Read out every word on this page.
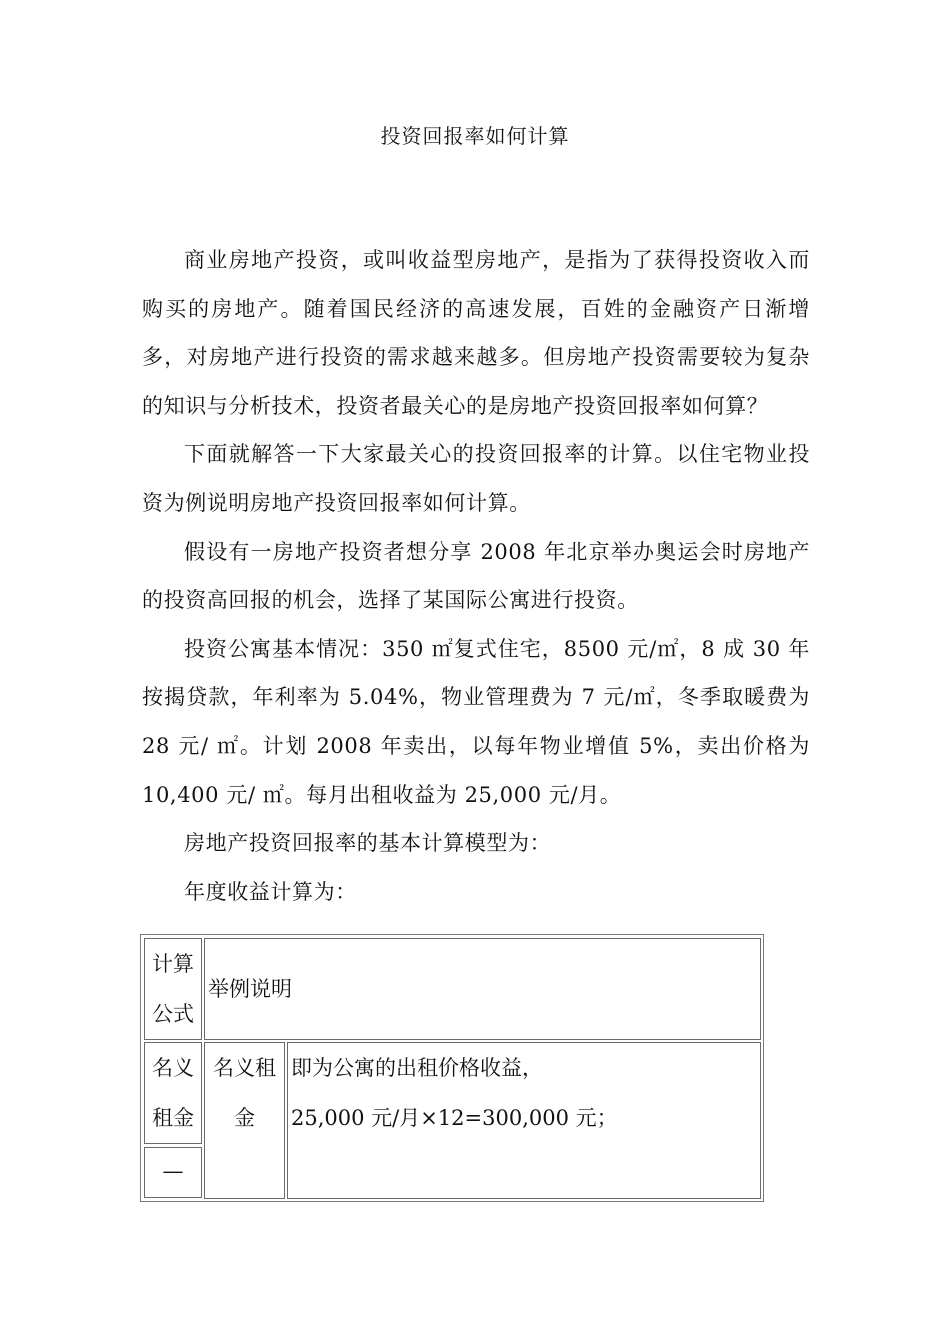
投资回报率如何计算

商业房地产投资，或叫收益型房地产，是指为了获得投资收入而购买的房地产。随着国民经济的高速发展，百姓的金融资产日渐增多，对房地产进行投资的需求越来越多。但房地产投资需要较为复杂的知识与分析技术，投资者最关心的是房地产投资回报率如何算？

下面就解答一下大家最关心的投资回报率的计算。以住宅物业投资为例说明房地产投资回报率如何计算。

假设有一房地产投资者想分享 2008 年北京举办奥运会时房地产的投资高回报的机会，选择了某国际公寓进行投资。

投资公寓基本情况：350 ㎡复式住宅，8500 元/㎡，8 成 30 年按揭贷款，年利率为 5.04%，物业管理费为 7 元/㎡，冬季取暖费为 28 元/ ㎡。计划 2008 年卖出，以每年物业增值 5%，卖出价格为 10,400 元/ ㎡。每月出租收益为 25,000 元/月。

房地产投资回报率的基本计算模型为：

年度收益计算为：

计算
公式
举例说明
名义
租金
—
名义租
金
即为公寓的出租价格收益，
25,000 元/月×12=300,000 元；
